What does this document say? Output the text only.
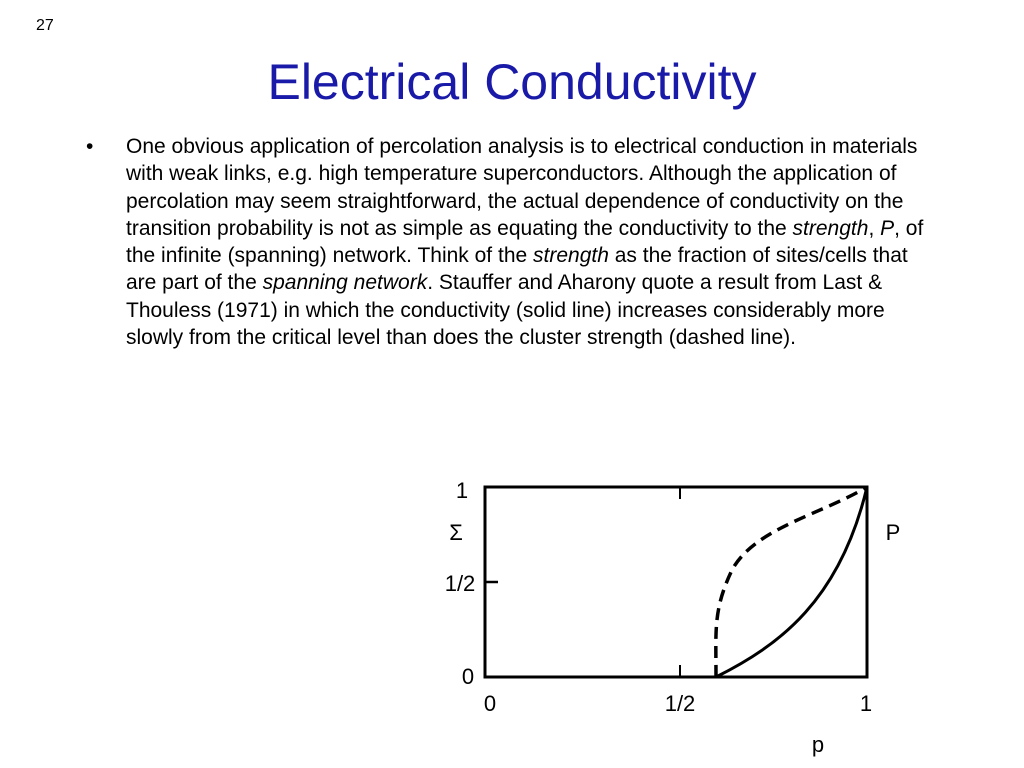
27
Electrical Conductivity
• One obvious application of percolation analysis is to electrical conduction in materials with weak links, e.g. high temperature superconductors. Although the application of percolation may seem straightforward, the actual dependence of conductivity on the transition probability is not as simple as equating the conductivity to the strength, P, of the infinite (spanning) network. Think of the strength as the fraction of sites/cells that are part of the spanning network. Stauffer and Aharony quote a result from Last & Thouless (1971) in which the conductivity (solid line) increases considerably more slowly from the critical level than does the cluster strength (dashed line).
1
1/2
0
Σ
0	1/2	1
p
P
